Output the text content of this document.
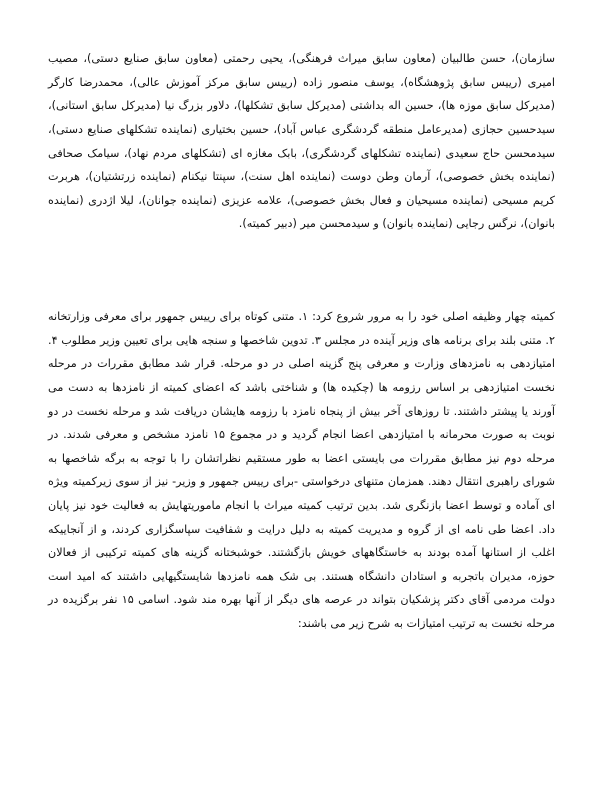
سازمان)، حسن طالبیان (معاون سابق میراث فرهنگی)، یحیی رحمتی (معاون سابق صنایع دستی)، مصیب امیری (رییس سابق پژوهشگاه)، یوسف منصور زاده (رییس سابق مرکز آموزش عالی)، محمدرضا کارگر (مدیرکل سابق موزه ها)، حسین اله بداشتی (مدیرکل سابق تشکلها)، دلاور بزرگ نیا (مدیرکل سابق استانی)، سیدحسین حجازی (مدیرعامل منطقه گردشگری عباس آباد)، حسین بختیاری (نماینده تشکلهای صنایع دستی)، سیدمحسن حاج سعیدی (نماینده تشکلهای گردشگری)، بابک مغازه ای (تشکلهای مردم نهاد)، سیامک صحافی (نماینده بخش خصوصی)، آرمان وطن دوست (نماینده اهل سنت)، سپنتا نیکنام (نماینده زرتشتیان)، هربرت کریم مسیحی (نماینده مسیحیان و فعال بخش خصوصی)، علامه عزیزی (نماینده جوانان)، لیلا اژدری (نماینده بانوان)، نرگس رجایی (نماینده بانوان) و سیدمحسن میر (دبیر کمیته).

کمیته چهار وظیفه اصلی خود را به مرور شروع کرد: ۱. متنی کوتاه برای رییس جمهور برای معرفی وزارتخانه ۲. متنی بلند برای برنامه های وزیر آینده در مجلس ۳. تدوین شاخصها و سنجه هایی برای تعیین وزیر مطلوب ۴. امتیازدهی به نامزدهای وزارت و معرفی پنج گزینه اصلی در دو مرحله. قرار شد مطابق مقررات در مرحله نخست امتیازدهی بر اساس رزومه ها (چکیده ها) و شناختی باشد که اعضای کمیته از نامزدها به دست می آورند یا پیشتر داشتند. تا روزهای آخر بیش از پنجاه نامزد با رزومه هایشان دریافت شد و مرحله نخست در دو نوبت به صورت محرمانه با امتیازدهی اعضا انجام گردید و در مجموع ۱۵ نامزد مشخص و معرفی شدند. در مرحله دوم نیز مطابق مقررات می بایستی اعضا به طور مستقیم نظراتشان را با توجه به برگه شاخصها به شورای راهبری انتقال دهند. همزمان متنهای درخواستی -برای رییس جمهور و وزیر- نیز از سوی زیرکمیته ویژه ای آماده و توسط اعضا بازنگری شد. بدین ترتیب کمیته میراث با انجام ماموریتهایش به فعالیت خود نیز پایان داد. اعضا طی نامه ای از گروه و مدیریت کمیته به دلیل درایت و شفافیت سپاسگزاری کردند، و از آنجاییکه اغلب از استانها آمده بودند به خاستگاههای خویش بازگشتند. خوشبختانه گزینه های کمیته ترکیبی از فعالان حوزه، مدیران باتجربه و استادان دانشگاه هستند. بی شک همه نامزدها شایستگیهایی داشتند که امید است دولت مردمی آقای دکتر پزشکیان بتواند در عرصه های دیگر از آنها بهره مند شود. اسامی ۱۵ نفر برگزیده در مرحله نخست به ترتیب امتیازات به شرح زیر می باشند:
